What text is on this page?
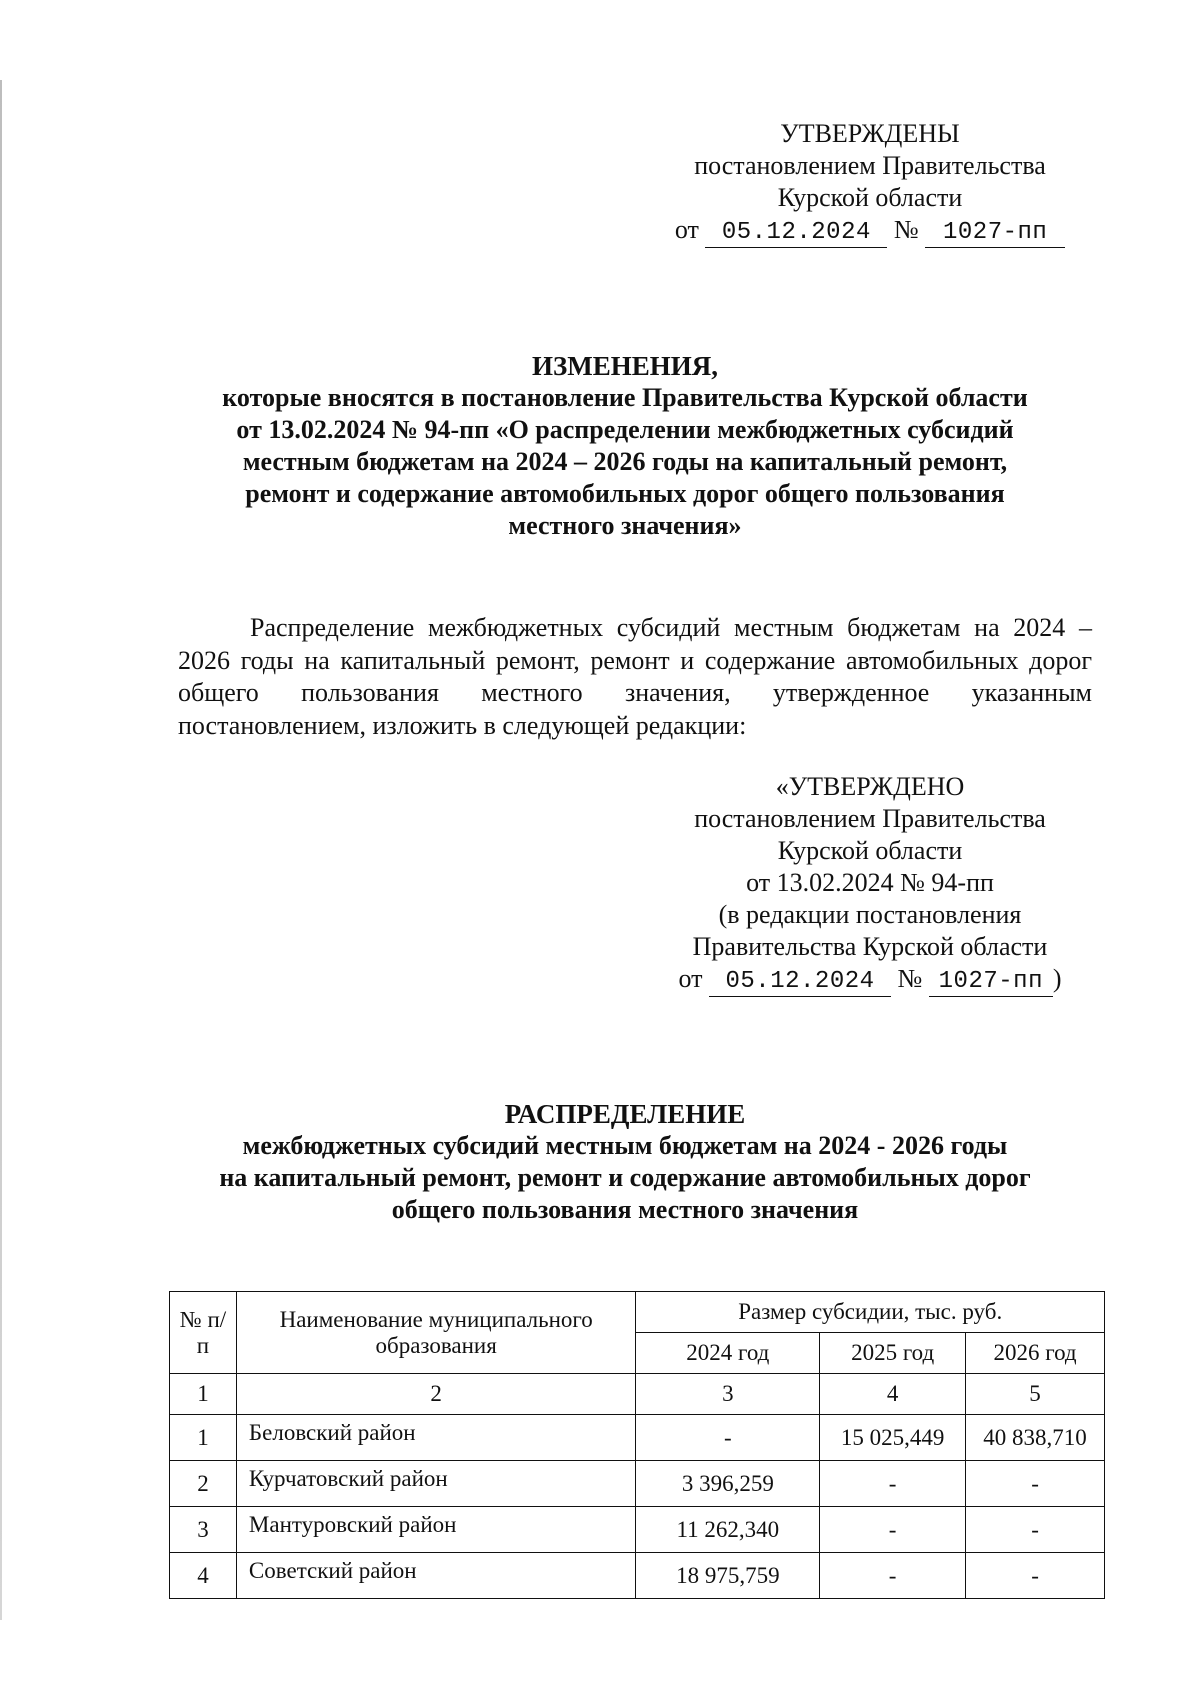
УТВЕРЖДЕНЫ
постановлением Правительства
Курской области
от 05.12.2024 № 1027-пп
ИЗМЕНЕНИЯ,
которые вносятся в постановление Правительства Курской области
от 13.02.2024 № 94-пп «О распределении межбюджетных субсидий
местным бюджетам на 2024 – 2026 годы на капитальный ремонт,
ремонт и содержание автомобильных дорог общего пользования
местного значения»
Распределение межбюджетных субсидий местным бюджетам на 2024 – 2026 годы на капитальный ремонт, ремонт и содержание автомобильных дорог общего пользования местного значения, утвержденное указанным постановлением, изложить в следующей редакции:
«УТВЕРЖДЕНО
постановлением Правительства
Курской области
от 13.02.2024 № 94-пп
(в редакции постановления
Правительства Курской области
от 05.12.2024 № 1027-пп )
РАСПРЕДЕЛЕНИЕ
межбюджетных субсидий местным бюджетам на 2024 - 2026 годы
на капитальный ремонт, ремонт и содержание автомобильных дорог
общего пользования местного значения
№ п/п	Наименование муниципального образования	Размер субсидии, тыс. руб.		
		2024 год	2025 год	2026 год
1	2	3	4	5
1	Беловский район	-	15 025,449	40 838,710
2	Курчатовский район	3 396,259	-	-
3	Мантуровский район	11 262,340	-	-
4	Советский район	18 975,759	-	-
